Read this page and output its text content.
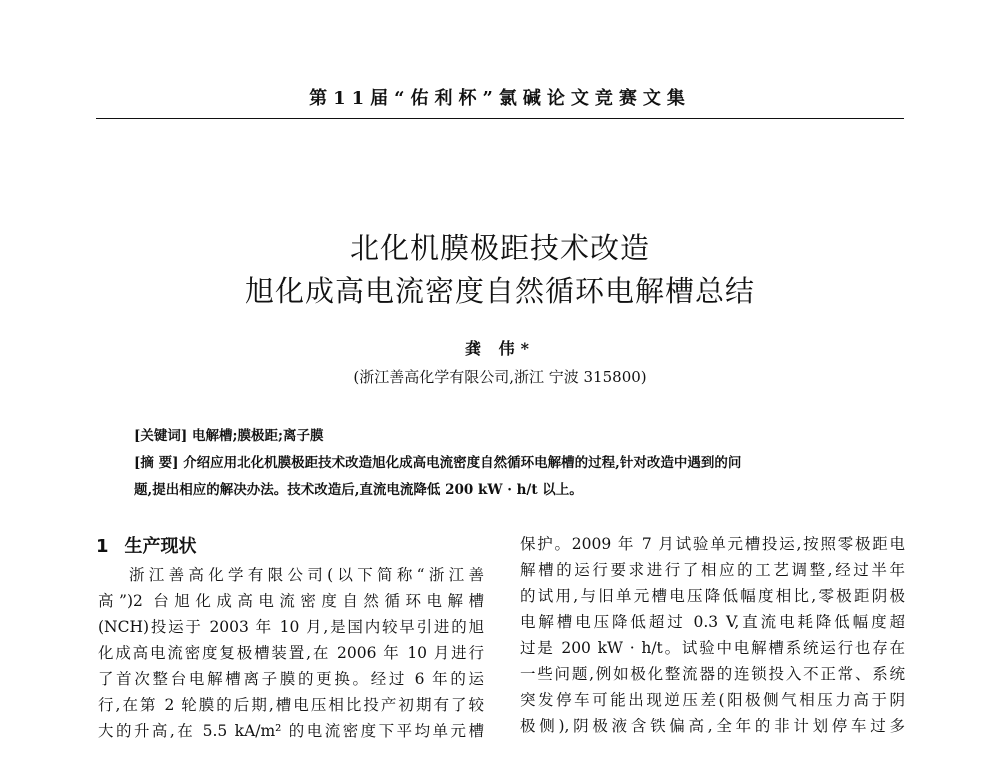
第11届“佑利杯”氯碱论文竞赛文集
北化机膜极距技术改造
旭化成高电流密度自然循环电解槽总结
龚 伟*
(浙江善高化学有限公司,浙江 宁波 315800)
[关键词] 电解槽;膜极距;离子膜
[摘 要] 介绍应用北化机膜极距技术改造旭化成高电流密度自然循环电解槽的过程,针对改造中遇到的问
题,提出相应的解决办法。技术改造后,直流电流降低 200 kW · h/t 以上。
1 生产现状
浙江善高化学有限公司(以下简称“浙江善
高”)2 台旭化成高电流密度自然循环电解槽
(NCH)投运于 2003 年 10 月,是国内较早引进的旭
化成高电流密度复极槽装置,在 2006 年 10 月进行
了首次整台电解槽离子膜的更换。经过 6 年的运
行,在第 2 轮膜的后期,槽电压相比投产初期有了较
大的升高,在 5.5 kA/m² 的电流密度下平均单元槽
保护。2009 年 7 月试验单元槽投运,按照零极距电
解槽的运行要求进行了相应的工艺调整,经过半年
的试用,与旧单元槽电压降低幅度相比,零极距阴极
电解槽电压降低超过 0.3 V,直流电耗降低幅度超
过是 200 kW · h/t。试验中电解槽系统运行也存在
一些问题,例如极化整流器的连锁投入不正常、系统
突发停车可能出现逆压差(阳极侧气相压力高于阴
极侧),阴极液含铁偏高,全年的非计划停车过多
